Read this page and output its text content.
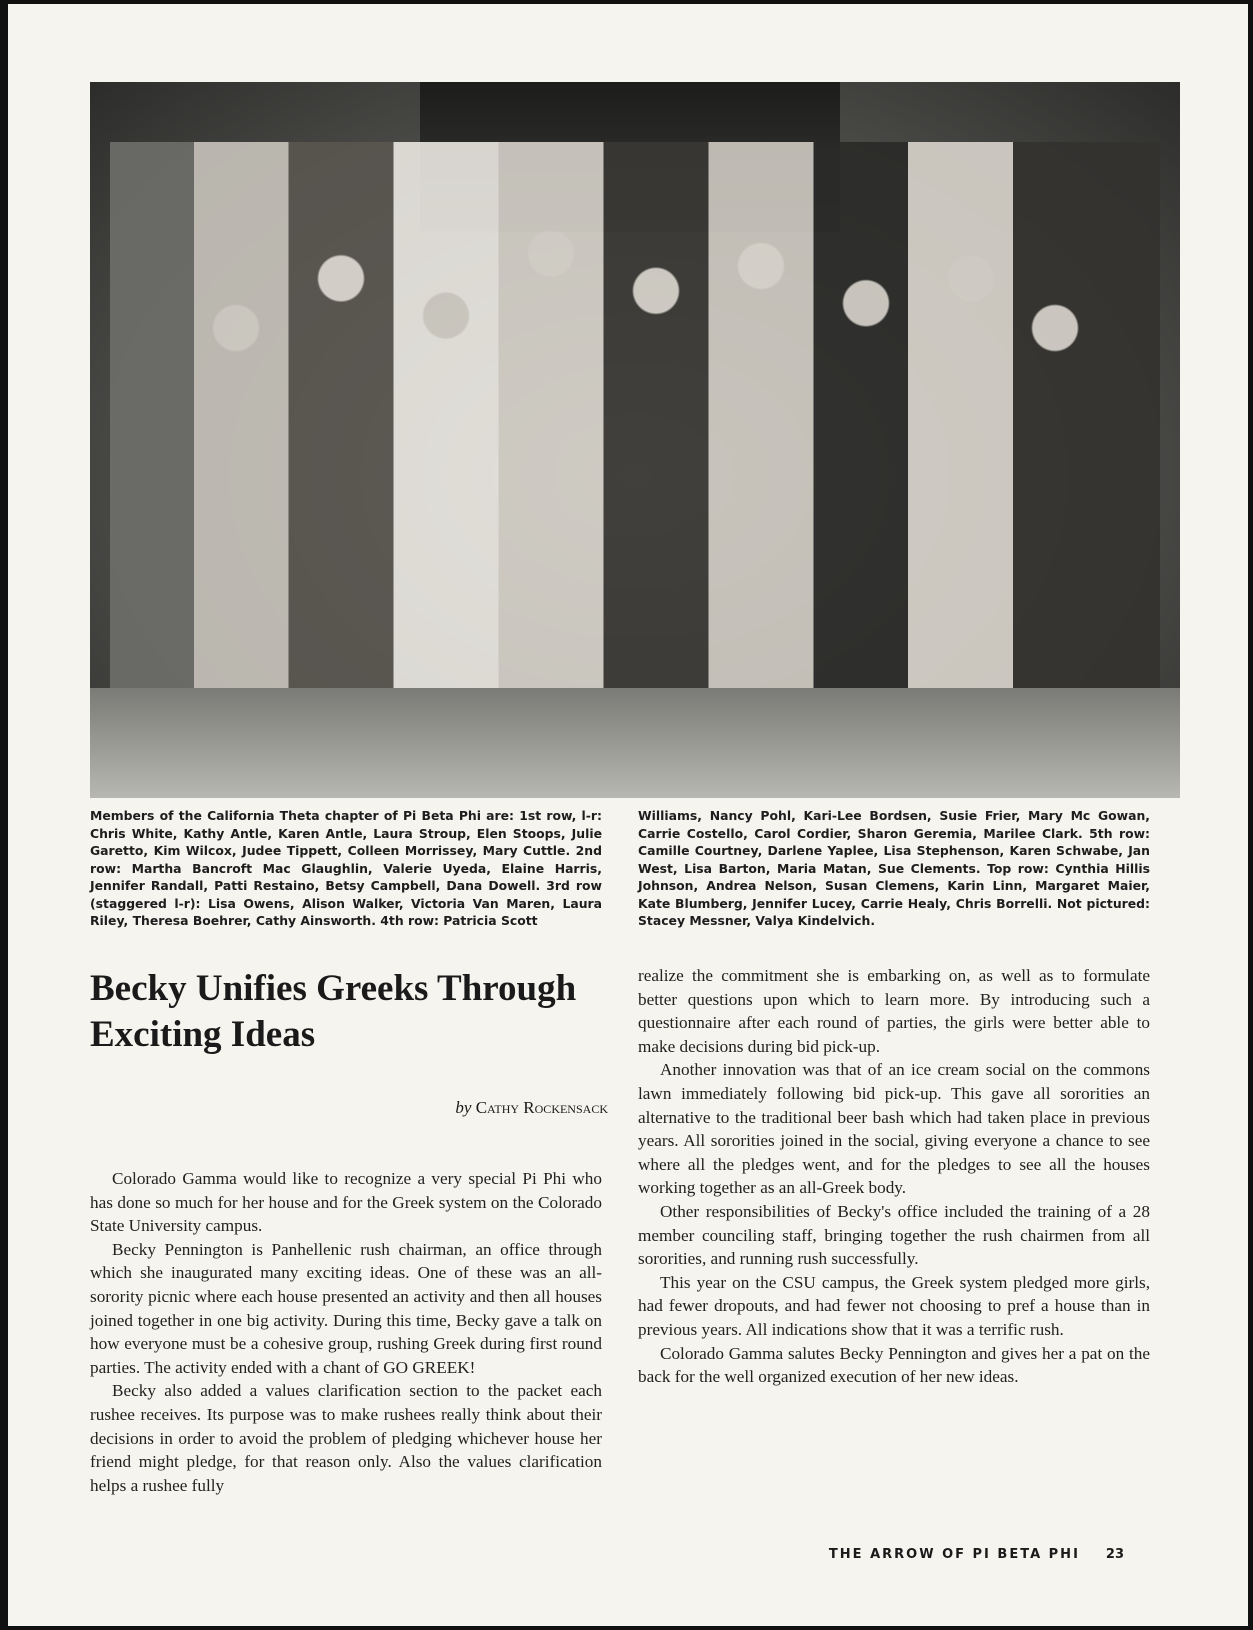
Members of the California Theta chapter of Pi Beta Phi are: 1st row, l-r: Chris White, Kathy Antle, Karen Antle, Laura Stroup, Elen Stoops, Julie Garetto, Kim Wilcox, Judee Tippett, Colleen Morrissey, Mary Cuttle. 2nd row: Martha Bancroft Mac Glaughlin, Valerie Uyeda, Elaine Harris, Jennifer Randall, Patti Restaino, Betsy Campbell, Dana Dowell. 3rd row (staggered l-r): Lisa Owens, Alison Walker, Victoria Van Maren, Laura Riley, Theresa Boehrer, Cathy Ainsworth. 4th row: Patricia Scott

Williams, Nancy Pohl, Kari-Lee Bordsen, Susie Frier, Mary Mc Gowan, Carrie Costello, Carol Cordier, Sharon Geremia, Marilee Clark. 5th row: Camille Courtney, Darlene Yaplee, Lisa Stephenson, Karen Schwabe, Jan West, Lisa Barton, Maria Matan, Sue Clements. Top row: Cynthia Hillis Johnson, Andrea Nelson, Susan Clemens, Karin Linn, Margaret Maier, Kate Blumberg, Jennifer Lucey, Carrie Healy, Chris Borrelli. Not pictured: Stacey Messner, Valya Kindelvich.

Becky Unifies Greeks Through Exciting Ideas

by Cathy Rockensack

Colorado Gamma would like to recognize a very special Pi Phi who has done so much for her house and for the Greek system on the Colorado State University campus.

Becky Pennington is Panhellenic rush chairman, an office through which she inaugurated many exciting ideas. One of these was an all-sorority picnic where each house presented an activity and then all houses joined together in one big activity. During this time, Becky gave a talk on how everyone must be a cohesive group, rushing Greek during first round parties. The activity ended with a chant of GO GREEK!

Becky also added a values clarification section to the packet each rushee receives. Its purpose was to make rushees really think about their decisions in order to avoid the problem of pledging whichever house her friend might pledge, for that reason only. Also the values clarification helps a rushee fully

realize the commitment she is embarking on, as well as to formulate better questions upon which to learn more. By introducing such a questionnaire after each round of parties, the girls were better able to make decisions during bid pick-up.

Another innovation was that of an ice cream social on the commons lawn immediately following bid pick-up. This gave all sororities an alternative to the traditional beer bash which had taken place in previous years. All sororities joined in the social, giving everyone a chance to see where all the pledges went, and for the pledges to see all the houses working together as an all-Greek body.

Other responsibilities of Becky's office included the training of a 28 member counciling staff, bringing together the rush chairmen from all sororities, and running rush successfully.

This year on the CSU campus, the Greek system pledged more girls, had fewer dropouts, and had fewer not choosing to pref a house than in previous years. All indications show that it was a terrific rush.

Colorado Gamma salutes Becky Pennington and gives her a pat on the back for the well organized execution of her new ideas.

THE ARROW OF PI BETA PHI 23
